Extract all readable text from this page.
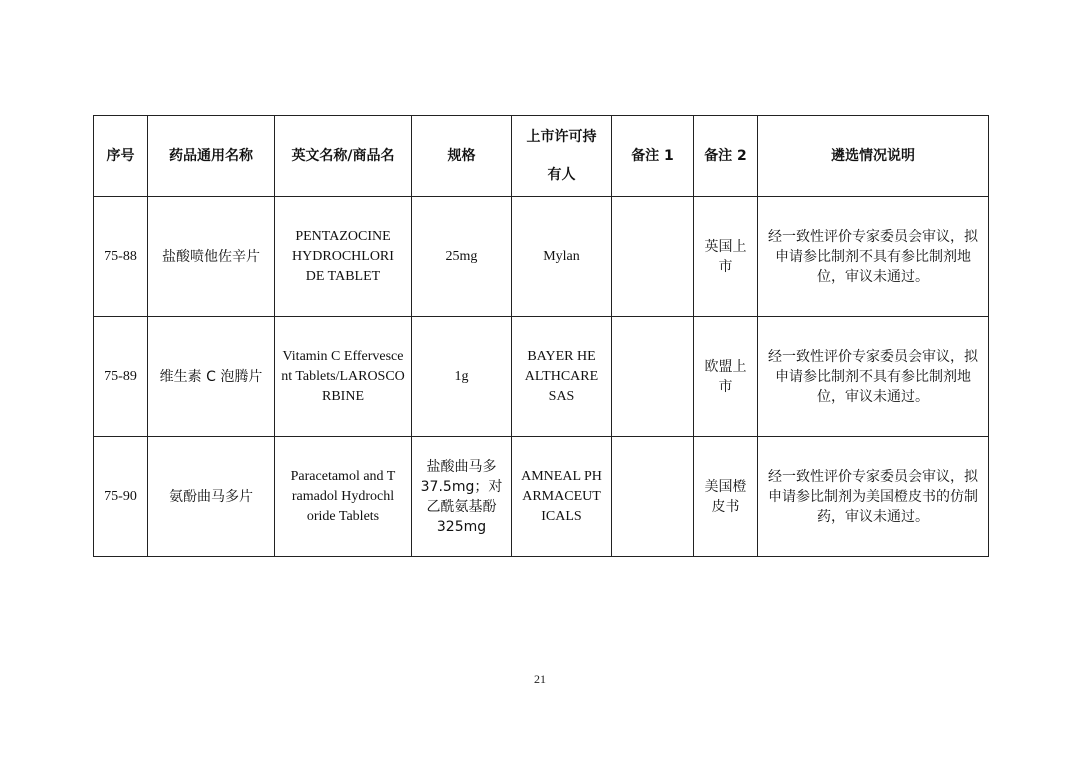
序号	药品通用名称	英文名称/商品名	规格	上市许可持有人	备注 1	备注 2	遴选情况说明
75-88	盐酸喷他佐辛片	PENTAZOCINE HYDROCHLORIDE TABLET	25mg	Mylan		英国上市	经一致性评价专家委员会审议，拟申请参比制剂不具有参比制剂地位，审议未通过。
75-89	维生素 C 泡腾片	Vitamin C Effervescent Tablets/LAROSCORBINE	1g	BAYER HEALTHCARE SAS		欧盟上市	经一致性评价专家委员会审议，拟申请参比制剂不具有参比制剂地位，审议未通过。
75-90	氨酚曲马多片	Paracetamol and Tramadol Hydrochloride Tablets	盐酸曲马多 37.5mg；对乙酰氨基酚 325mg	AMNEAL PHARMACEUTICALS		美国橙皮书	经一致性评价专家委员会审议，拟申请参比制剂为美国橙皮书的仿制药，审议未通过。
21
